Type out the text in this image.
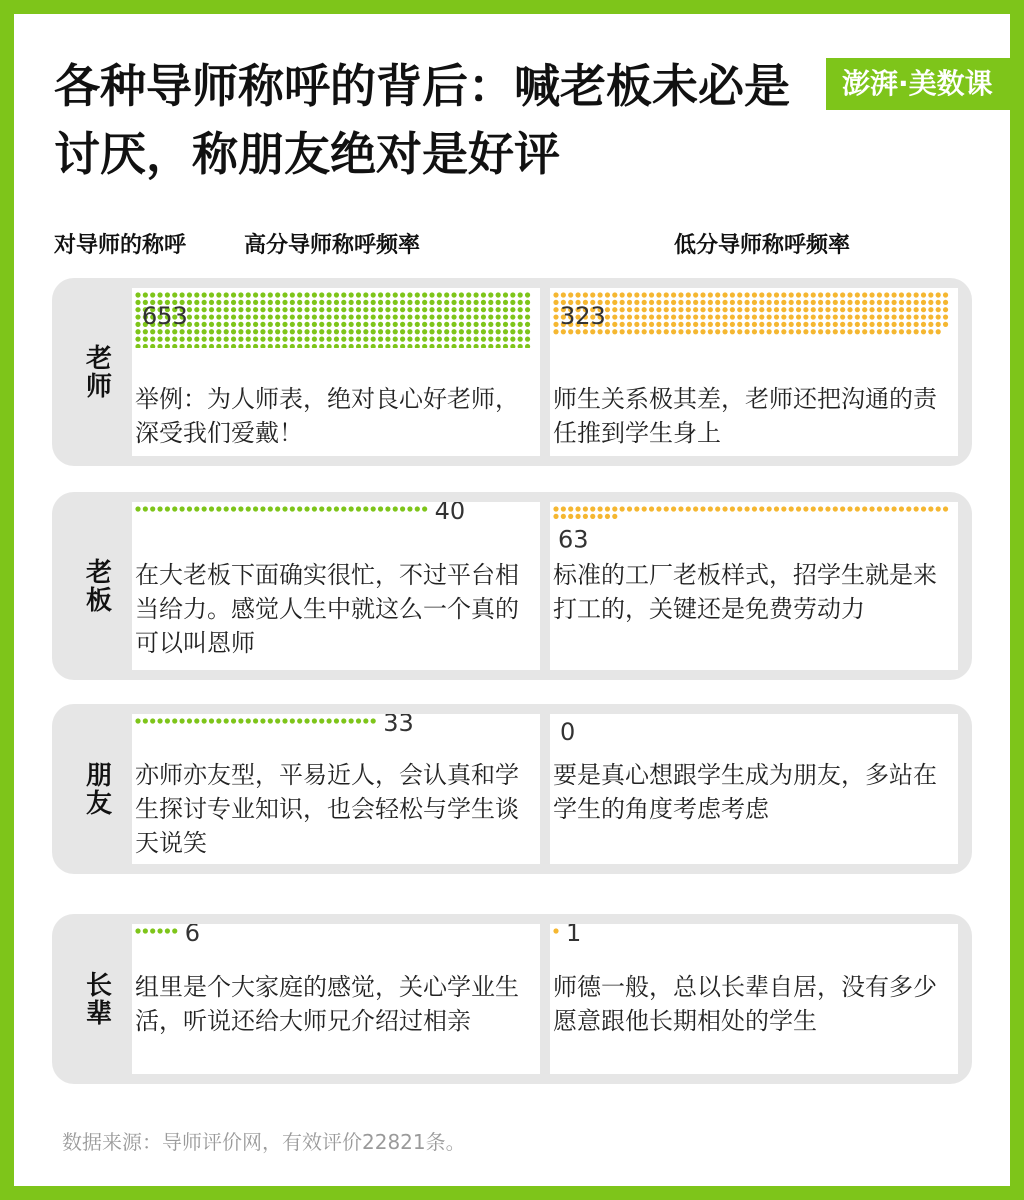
各种导师称呼的背后：喊老板未必是讨厌，称朋友绝对是好评
澎湃·美数课
对导师的称呼	高分导师称呼频率	低分导师称呼频率
老师
653
举例：为人师表，绝对良心好老师，深受我们爱戴！
323
师生关系极其差，老师还把沟通的责任推到学生身上
老板
40
在大老板下面确实很忙，不过平台相当给力。感觉人生中就这么一个真的可以叫恩师
63
标准的工厂老板样式，招学生就是来打工的，关键还是免费劳动力
朋友
33
亦师亦友型，平易近人，会认真和学生探讨专业知识，也会轻松与学生谈天说笑
0
要是真心想跟学生成为朋友，多站在学生的角度考虑考虑
长辈
6
组里是个大家庭的感觉，关心学业生活，听说还给大师兄介绍过相亲
1
师德一般，总以长辈自居，没有多少愿意跟他长期相处的学生
数据来源：导师评价网，有效评价22821条。
